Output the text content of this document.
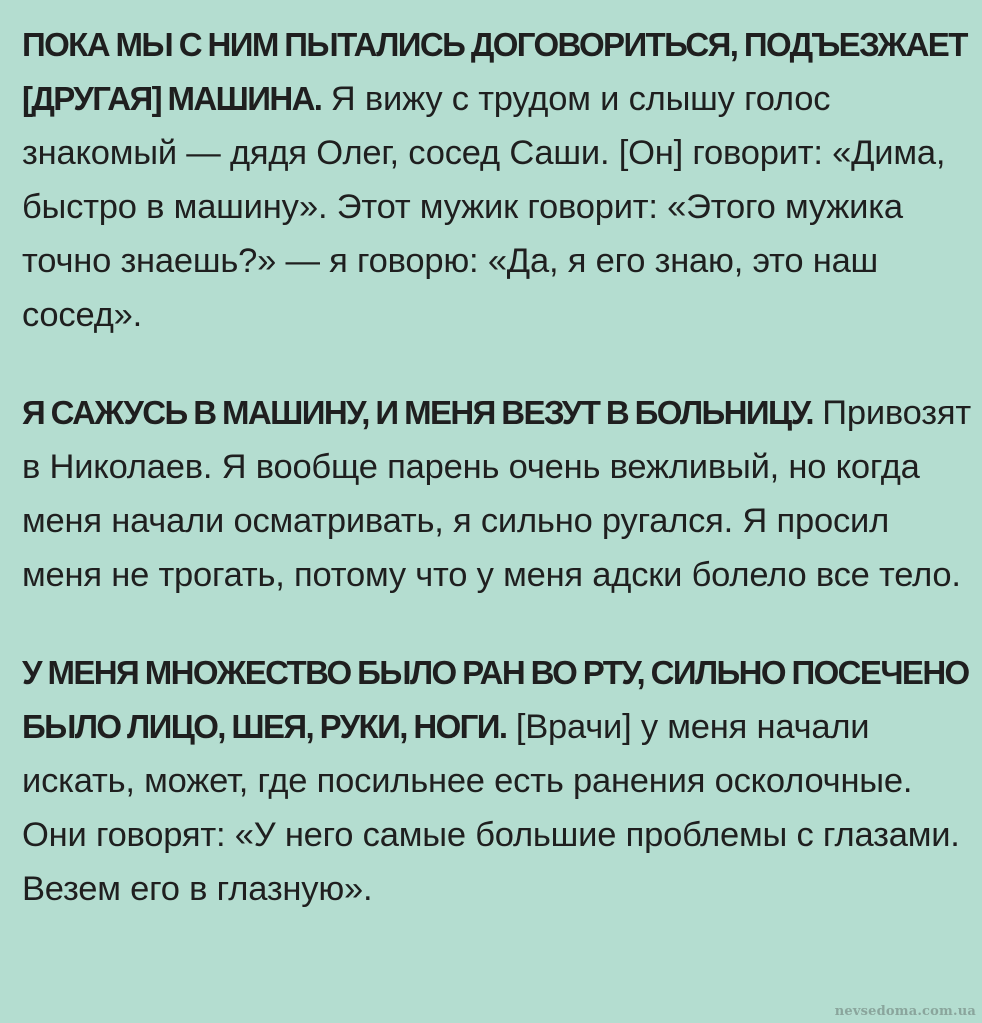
ПОКА МЫ С НИМ ПЫТАЛИСЬ ДОГОВОРИТЬСЯ, ПОДЪЕЗЖАЕТ [ДРУГАЯ] МАШИНА. Я вижу с трудом и слышу голос знакомый — дядя Олег, сосед Саши. [Он] говорит: «Дима, быстро в машину». Этот мужик говорит: «Этого мужика точно знаешь?» — я говорю: «Да, я его знаю, это наш сосед».

Я САЖУСЬ В МАШИНУ, И МЕНЯ ВЕЗУТ В БОЛЬНИЦУ. Привозят в Николаев. Я вообще парень очень вежливый, но когда меня начали осматривать, я сильно ругался. Я просил меня не трогать, потому что у меня адски болело все тело.

У МЕНЯ МНОЖЕСТВО БЫЛО РАН ВО РТУ, СИЛЬНО ПОСЕЧЕНО БЫЛО ЛИЦО, ШЕЯ, РУКИ, НОГИ. [Врачи] у меня начали искать, может, где посильнее есть ранения осколочные. Они говорят: «У него самые большие проблемы с глазами. Везем его в глазную».

nevsedoma.com.ua
